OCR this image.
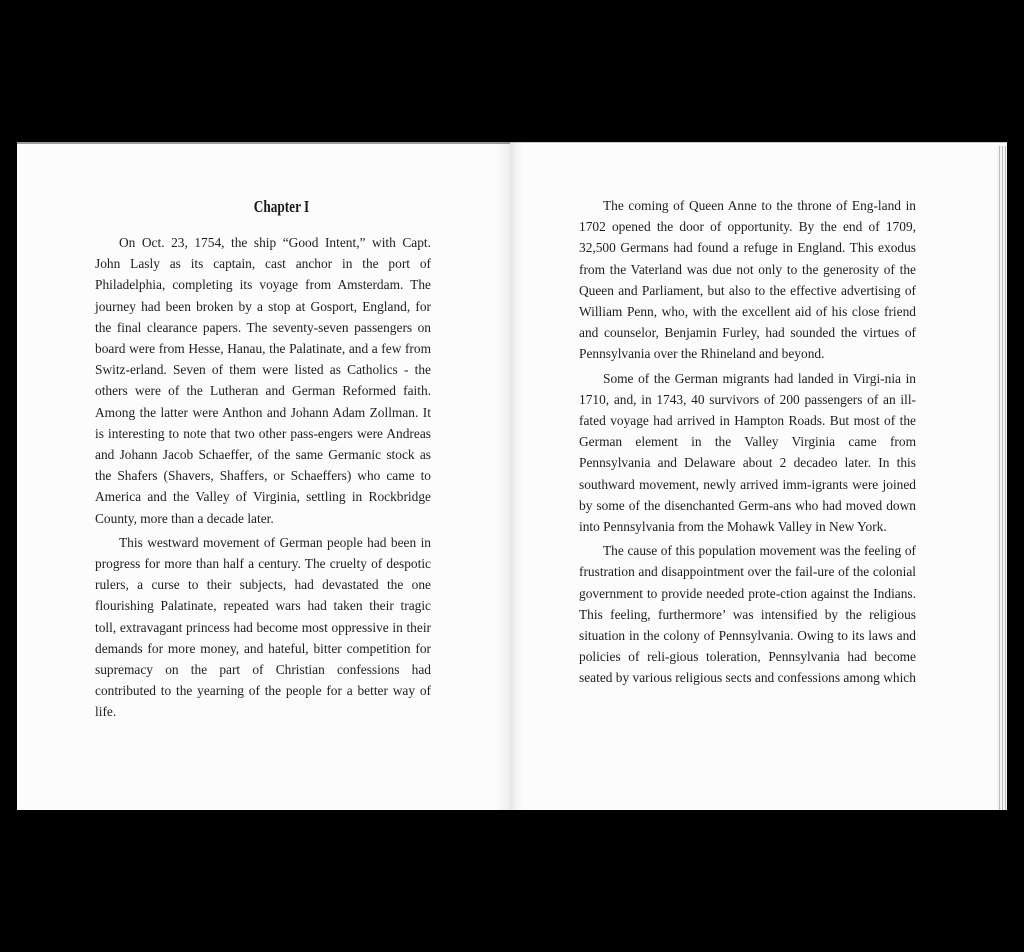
Chapter I

On Oct. 23, 1754, the ship “Good Intent,” with Capt. John Lasly as its captain, cast anchor in the port of Philadelphia, completing its voyage from Amsterdam. The journey had been broken by a stop at Gosport, England, for the final clearance papers. The seventy-seven passengers on board were from Hesse, Hanau, the Palatinate, and a few from Switz-erland. Seven of them were listed as Catholics - the others were of the Lutheran and German Reformed faith. Among the latter were Anthon and Johann Adam Zollman. It is interesting to note that two other pass-engers were Andreas and Johann Jacob Schaeffer, of the same Germanic stock as the Shafers (Shavers, Shaffers, or Schaeffers) who came to America and the Valley of Virginia, settling in Rockbridge County, more than a decade later.

This westward movement of German people had been in progress for more than half a century. The cruelty of despotic rulers, a curse to their subjects, had devastated the one flourishing Palatinate, repeated wars had taken their tragic toll, extravagant princess had become most oppressive in their demands for more money, and hateful, bitter competition for supremacy on the part of Christian confessions had contributed to the yearning of the people for a better way of life.

The coming of Queen Anne to the throne of Eng-land in 1702 opened the door of opportunity. By the end of 1709, 32,500 Germans had found a refuge in England. This exodus from the Vaterland was due not only to the generosity of the Queen and Parliament, but also to the effective advertising of William Penn, who, with the excellent aid of his close friend and counselor, Benjamin Furley, had sounded the virtues of Pennsylvania over the Rhineland and beyond.

Some of the German migrants had landed in Virgi-nia in 1710, and, in 1743, 40 survivors of 200 passengers of an ill-fated voyage had arrived in Hampton Roads. But most of the German element in the Valley Virginia came from Pennsylvania and Delaware about 2 decadeo later. In this southward movement, newly arrived imm-igrants were joined by some of the disenchanted Germ-ans who had moved down into Pennsylvania from the Mohawk Valley in New York.

The cause of this population movement was the feeling of frustration and disappointment over the fail-ure of the colonial government to provide needed prote-ction against the Indians. This feeling, furthermore’ was intensified by the religious situation in the colony of Pennsylvania. Owing to its laws and policies of reli-gious toleration, Pennsylvania had become seated by various religious sects and confessions among which
